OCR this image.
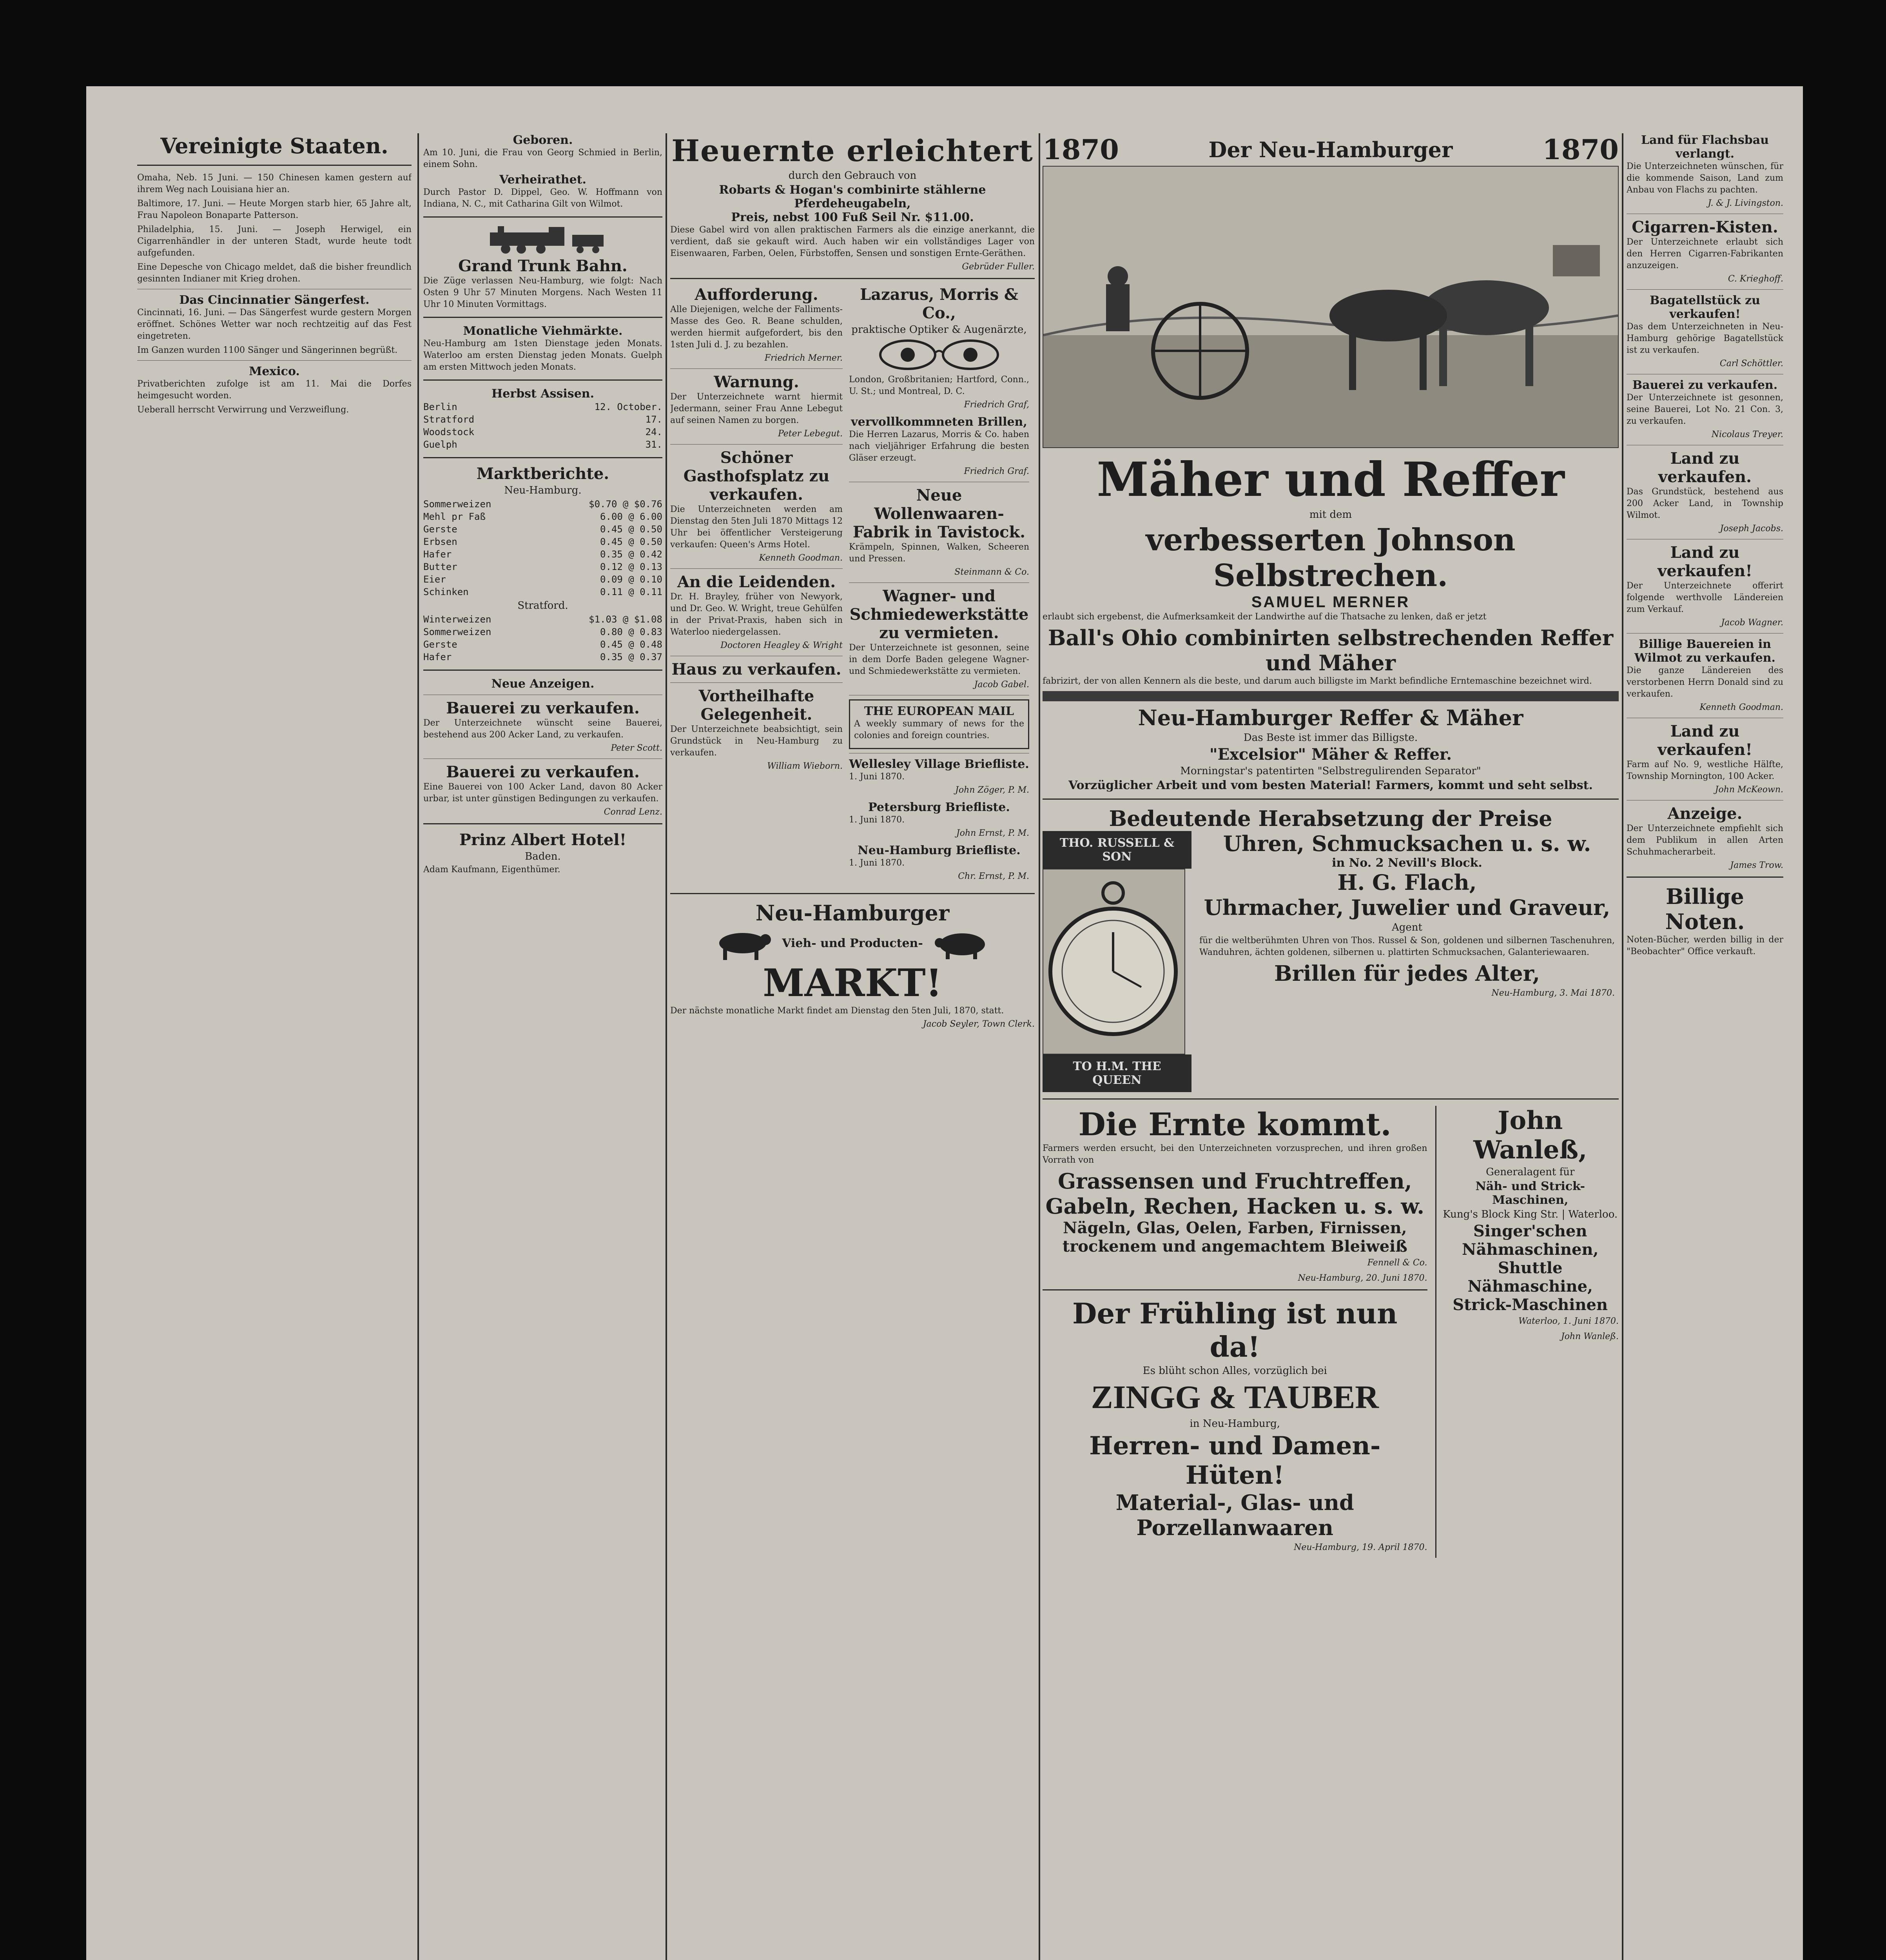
Vereinigte Staaten.

Omaha, Neb. 15 Juni. — 150 Chinesen kamen gestern auf ihrem Weg nach Louisiana hier an.

Baltimore, 17. Juni. — Heute Morgen starb hier, 65 Jahre alt, Frau Napoleon Bonaparte Patterson.

Philadelphia, 15. Juni. — Joseph Herwigel, ein Cigarrenhändler in der unteren Stadt, wurde heute todt aufgefunden.

Eine Depesche von Chicago meldet, daß die bisher freundlich gesinnten Indianer mit Krieg drohen.

Das Cincinnatier Sängerfest.

Cincinnati, 16. Juni. — Das Sängerfest wurde gestern Morgen eröffnet. Schönes Wetter war noch rechtzeitig auf das Fest eingetreten.

Im Ganzen wurden 1100 Sänger und Sängerinnen begrüßt.

Mexico.

Privatberichten zufolge ist am 11. Mai die Dorfes heimgesucht worden.

Ueberall herrscht Verwirrung und Verzweiflung.

Geboren.

Am 10. Juni, die Frau von Georg Schmied in Berlin, einem Sohn.

Verheirathet.

Durch Pastor D. Dippel, Geo. W. Hoffmann von Indiana, N. C., mit Catharina Gilt von Wilmot.

Grand Trunk Bahn.

Die Züge verlassen Neu-Hamburg, wie folgt: Nach Osten 9 Uhr 57 Minuten Morgens. Nach Westen 11 Uhr 10 Minuten Vormittags.

Monatliche Viehmärkte.

Neu-Hamburg am 1sten Dienstage jeden Monats. Waterloo am ersten Dienstag jeden Monats. Guelph am ersten Mittwoch jeden Monats.

Herbst Assisen.
Berlin	12. October.
Stratford	17.
Woodstock	24.
Guelph	31.
Marktberichte.
Neu-Hamburg.
Sommerweizen	$0.70 @ $0.76
Mehl pr Faß	6.00 @ 6.00
Gerste	0.45 @ 0.50
Erbsen	0.45 @ 0.50
Hafer	0.35 @ 0.42
Butter	0.12 @ 0.13
Eier	0.09 @ 0.10
Schinken	0.11 @ 0.11
Stratford.
Winterweizen	$1.03 @ $1.08
Sommerweizen	0.80 @ 0.83
Gerste	0.45 @ 0.48
Hafer	0.35 @ 0.37
Neue Anzeigen.
Bauerei zu verkaufen.

Der Unterzeichnete wünscht seine Bauerei, bestehend aus 200 Acker Land, zu verkaufen.

Peter Scott.
Bauerei zu verkaufen.

Eine Bauerei von 100 Acker Land, davon 80 Acker urbar, ist unter günstigen Bedingungen zu verkaufen.

Conrad Lenz.
Prinz Albert Hotel!
Baden.

Adam Kaufmann, Eigenthümer.

Heuernte erleichtert
durch den Gebrauch von
Robarts & Hogan's combinirte stählerne Pferdeheugabeln,
Preis, nebst 100 Fuß Seil Nr. $11.00.

Diese Gabel wird von allen praktischen Farmers als die einzige anerkannt, die verdient, daß sie gekauft wird. Auch haben wir ein vollständiges Lager von Eisenwaaren, Farben, Oelen, Fürbstoffen, Sensen und sonstigen Ernte-Geräthen.

Gebrüder Fuller.
Aufforderung.

Alle Diejenigen, welche der Falliments-Masse des Geo. R. Beane schulden, werden hiermit aufgefordert, bis den 1sten Juli d. J. zu bezahlen.

Friedrich Merner.
Warnung.

Der Unterzeichnete warnt hiermit Jedermann, seiner Frau Anne Lebegut auf seinen Namen zu borgen.

Peter Lebegut.
Schöner Gasthofsplatz zu verkaufen.

Die Unterzeichneten werden am Dienstag den 5ten Juli 1870 Mittags 12 Uhr bei öffentlicher Versteigerung verkaufen: Queen's Arms Hotel.

Kenneth Goodman.
An die Leidenden.

Dr. H. Brayley, früher von Newyork, und Dr. Geo. W. Wright, treue Gehülfen in der Privat-Praxis, haben sich in Waterloo niedergelassen.

Doctoren Heagley & Wright
Haus zu verkaufen.
Vortheilhafte Gelegenheit.

Der Unterzeichnete beabsichtigt, sein Grundstück in Neu-Hamburg zu verkaufen.

William Wieborn.
Lazarus, Morris & Co.,
praktische Optiker & Augenärzte,

London, Großbritanien; Hartford, Conn., U. St.; und Montreal, D. C.

Friedrich Graf,
vervollkommneten Brillen,

Die Herren Lazarus, Morris & Co. haben nach vieljähriger Erfahrung die besten Gläser erzeugt.

Friedrich Graf.
Neue Wollenwaaren-Fabrik in Tavistock.

Krämpeln, Spinnen, Walken, Scheeren und Pressen.

Steinmann & Co.
Wagner- und Schmiedewerkstätte zu vermieten.

Der Unterzeichnete ist gesonnen, seine in dem Dorfe Baden gelegene Wagner- und Schmiedewerkstätte zu vermieten.

Jacob Gabel.
THE EUROPEAN MAIL

A weekly summary of news for the colonies and foreign countries.

Wellesley Village Briefliste.

1. Juni 1870.

John Zöger, P. M.
Petersburg Briefliste.

1. Juni 1870.

John Ernst, P. M.
Neu-Hamburg Briefliste.

1. Juni 1870.

Chr. Ernst, P. M.
Neu-Hamburger
Vieh- und Producten-
MARKT!

Der nächste monatliche Markt findet am Dienstag den 5ten Juli, 1870, statt.

Jacob Seyler, Town Clerk.
1870	Der Neu-Hamburger	1870
Mäher und Reffer
mit dem
verbesserten Johnson Selbstrechen.
SAMUEL MERNER

erlaubt sich ergebenst, die Aufmerksamkeit der Landwirthe auf die Thatsache zu lenken, daß er jetzt

Ball's Ohio combinirten selbstrechenden Reffer und Mäher

fabrizirt, der von allen Kennern als die beste, und darum auch billigste im Markt befindliche Erntemaschine bezeichnet wird.

Neu-Hamburger Reffer & Mäher
Das Beste ist immer das Billigste.
"Excelsior" Mäher & Reffer.
Morningstar's patentirten "Selbstregulirenden Separator"
Vorzüglicher Arbeit und vom besten Material! Farmers, kommt und seht selbst.
Bedeutende Herabsetzung der Preise
THO. RUSSELL & SON
TO H.M. THE QUEEN
Uhren, Schmucksachen u. s. w.
in No. 2 Nevill's Block.
H. G. Flach,
Uhrmacher, Juwelier und Graveur,
Agent

für die weltberühmten Uhren von Thos. Russel & Son, goldenen und silbernen Taschenuhren, Wanduhren, ächten goldenen, silbernen u. plattirten Schmucksachen, Galanteriewaaren.

Brillen für jedes Alter,
Neu-Hamburg, 3. Mai 1870.
Die Ernte kommt.

Farmers werden ersucht, bei den Unterzeichneten vorzusprechen, und ihren großen Vorrath von

Grassensen und Fruchtreffen, Gabeln, Rechen, Hacken u. s. w.
Nägeln, Glas, Oelen, Farben, Firnissen, trockenem und angemachtem Bleiweiß
Fennell & Co.
Neu-Hamburg, 20. Juni 1870.
Der Frühling ist nun da!
Es blüht schon Alles, vorzüglich bei
ZINGG & TAUBER
in Neu-Hamburg,
Herren- und Damen-Hüten!
Material-, Glas- und Porzellanwaaren
Neu-Hamburg, 19. April 1870.
John Wanleß,
Generalagent für
Näh- und Strick-Maschinen,
Kung's Block King Str. | Waterloo.
Singer'schen Nähmaschinen,
Shuttle Nähmaschine,
Strick-Maschinen
Waterloo, 1. Juni 1870.
John Wanleß.
Land für Flachsbau verlangt.

Die Unterzeichneten wünschen, für die kommende Saison, Land zum Anbau von Flachs zu pachten.

J. & J. Livingston.
Cigarren-Kisten.

Der Unterzeichnete erlaubt sich den Herren Cigarren-Fabrikanten anzuzeigen.

C. Krieghoff.
Bagatellstück zu verkaufen!

Das dem Unterzeichneten in Neu-Hamburg gehörige Bagatellstück ist zu verkaufen.

Carl Schöttler.
Bauerei zu verkaufen.

Der Unterzeichnete ist gesonnen, seine Bauerei, Lot No. 21 Con. 3, zu verkaufen.

Nicolaus Treyer.
Land zu verkaufen.

Das Grundstück, bestehend aus 200 Acker Land, in Township Wilmot.

Joseph Jacobs.
Land zu verkaufen!

Der Unterzeichnete offerirt folgende werthvolle Ländereien zum Verkauf.

Jacob Wagner.
Billige Bauereien in Wilmot zu verkaufen.

Die ganze Ländereien des verstorbenen Herrn Donald sind zu verkaufen.

Kenneth Goodman.
Land zu verkaufen!

Farm auf No. 9, westliche Hälfte, Township Mornington, 100 Acker.

John McKeown.
Anzeige.

Der Unterzeichnete empfiehlt sich dem Publikum in allen Arten Schuhmacherarbeit.

James Trow.
Billige Noten.

Noten-Bücher, werden billig in der "Beobachter" Office verkauft.
